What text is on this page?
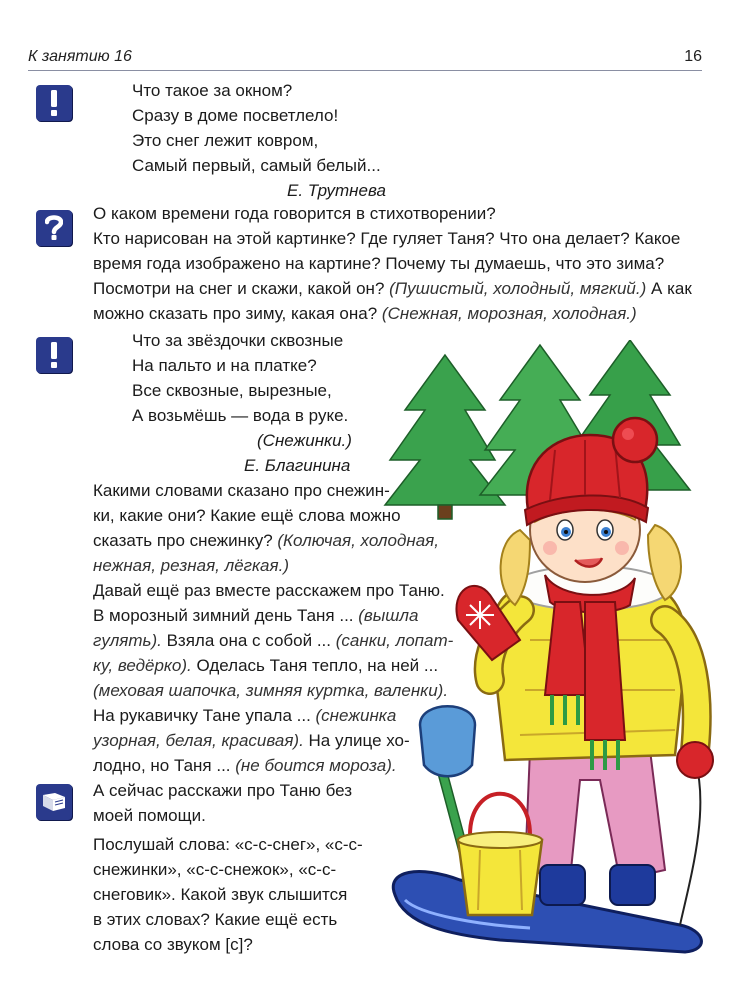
К занятию 16	16

Что такое за окном?

Сразу в доме посветлело!

Это снег лежит ковром,

Самый первый, самый белый...

Е. Трутнева

О каком времени года говорится в стихотворении?

Кто нарисован на этой картинке? Где гуляет Таня? Что она делает? Какое

время года изображено на картине? Почему ты думаешь, что это зима?

Посмотри на снег и скажи, какой он? (Пушистый, холодный, мягкий.) А как

можно сказать про зиму, какая она? (Снежная, морозная, холодная.)

Что за звёздочки сквозные

На пальто и на платке?

Все сквозные, вырезные,

А возьмёшь — вода в руке.

(Снежинки.)

Е. Благинина

Какими словами сказано про снежин-

ки, какие они? Какие ещё слова можно

сказать про снежинку? (Колючая, холодная,

нежная, резная, лёгкая.)

Давай ещё раз вместе расскажем про Таню.

В морозный зимний день Таня ... (вышла

гулять). Взяла она с собой ... (санки, лопат-

ку, ведёрко). Оделась Таня тепло, на ней ...

(меховая шапочка, зимняя куртка, валенки).

На рукавичку Тане упала ... (снежинка

узорная, белая, красивая). На улице хо-

лодно, но Таня ... (не боится мороза).

А сейчас расскажи про Таню без

моей помощи.

Послушай слова: «с-с-снег», «с-с-

снежинки», «с-с-снежок», «с-с-

снеговик». Какой звук слышится

в этих словах? Какие ещё есть

слова со звуком [с]?
